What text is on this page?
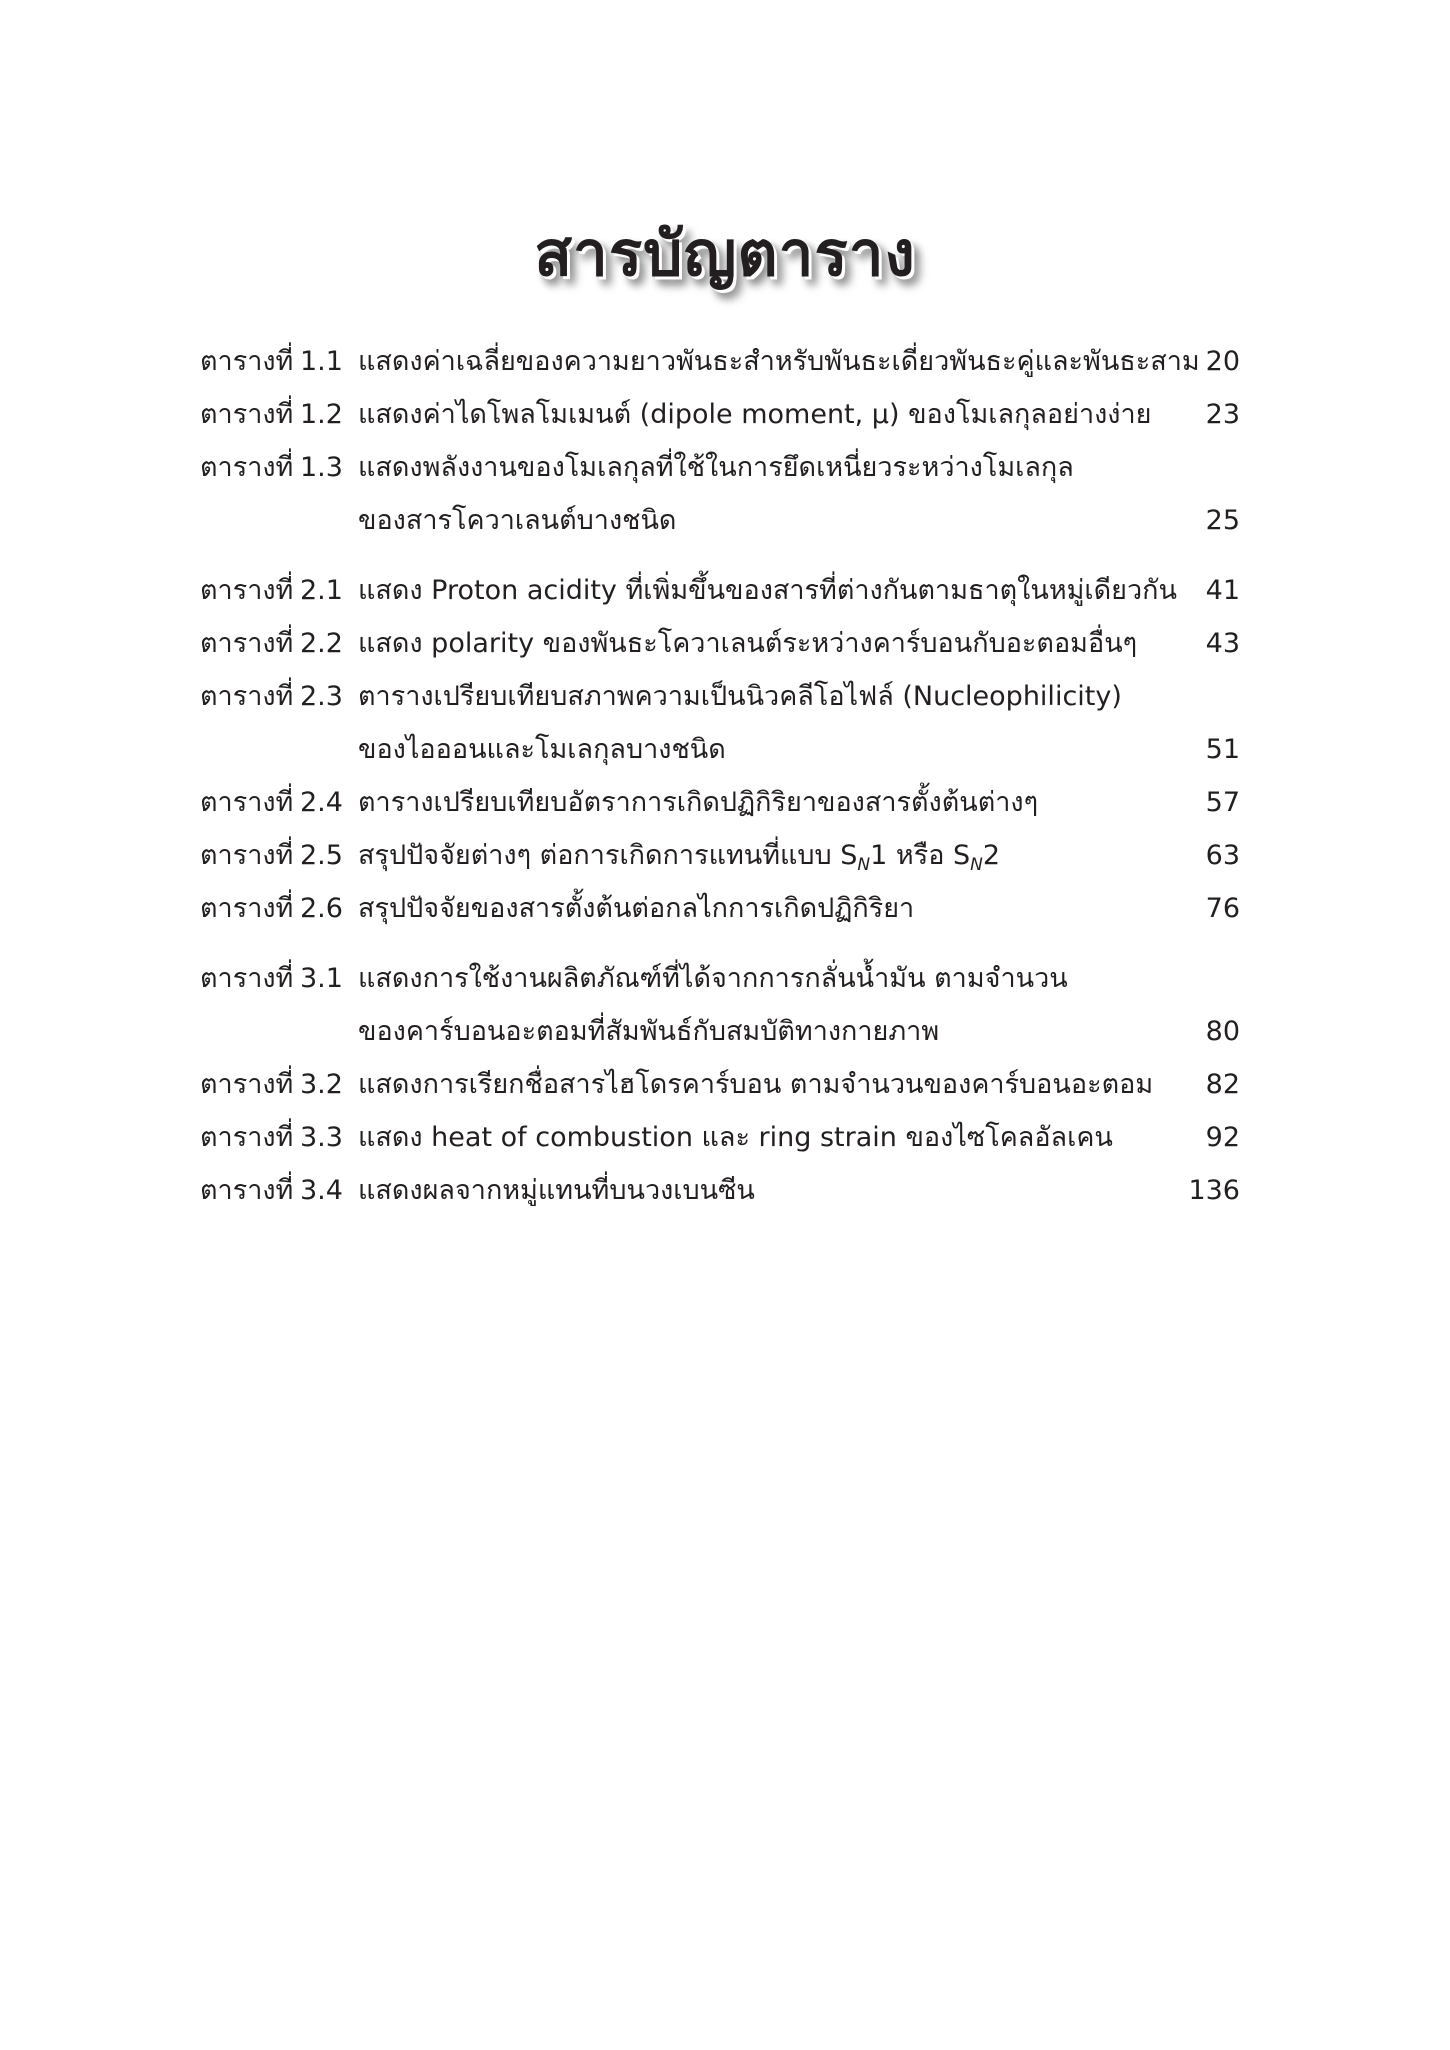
สารบัญตาราง
ตารางที่ 1.1 แสดงค่าเฉลี่ยของความยาวพันธะสำหรับพันธะเดี่ยวพันธะคู่และพันธะสาม 20
ตารางที่ 1.2 แสดงค่าไดโพลโมเมนต์ (dipole moment, μ) ของโมเลกุลอย่างง่าย 23
ตารางที่ 1.3 แสดงพลังงานของโมเลกุลที่ใช้ในการยึดเหนี่ยวระหว่างโมเลกุล
ของสารโควาเลนต์บางชนิด	25
ตารางที่ 2.1 แสดง Proton acidity ที่เพิ่มขึ้นของสารที่ต่างกันตามธาตุในหมู่เดียวกัน 41
ตารางที่ 2.2 แสดง polarity ของพันธะโควาเลนต์ระหว่างคาร์บอนกับอะตอมอื่นๆ	43
ตารางที่ 2.3 ตารางเปรียบเทียบสภาพความเป็นนิวคลีโอไฟล์ (Nucleophilicity)
ของไอออนและโมเลกุลบางชนิด	51
ตารางที่ 2.4 ตารางเปรียบเทียบอัตราการเกิดปฏิกิริยาของสารตั้งต้นต่างๆ	57
ตารางที่ 2.5 สรุปปัจจัยต่างๆ ต่อการเกิดการแทนที่แบบ $S_N1$ หรือ $S_N2$	63
ตารางที่ 2.6 สรุปปัจจัยของสารตั้งต้นต่อกลไกการเกิดปฏิกิริยา	76
ตารางที่ 3.1 แสดงการใช้งานผลิตภัณฑ์ที่ได้จากการกลั่นน้ำมัน ตามจำนวน
ของคาร์บอนอะตอมที่สัมพันธ์กับสมบัติทางกายภาพ	80
ตารางที่ 3.2 แสดงการเรียกชื่อสารไฮโดรคาร์บอน ตามจำนวนของคาร์บอนอะตอม 82
ตารางที่ 3.3 แสดง heat of combustion และ ring strain ของไซโคลอัลเคน	92
ตารางที่ 3.4 แสดงผลจากหมู่แทนที่บนวงเบนซีน	136
